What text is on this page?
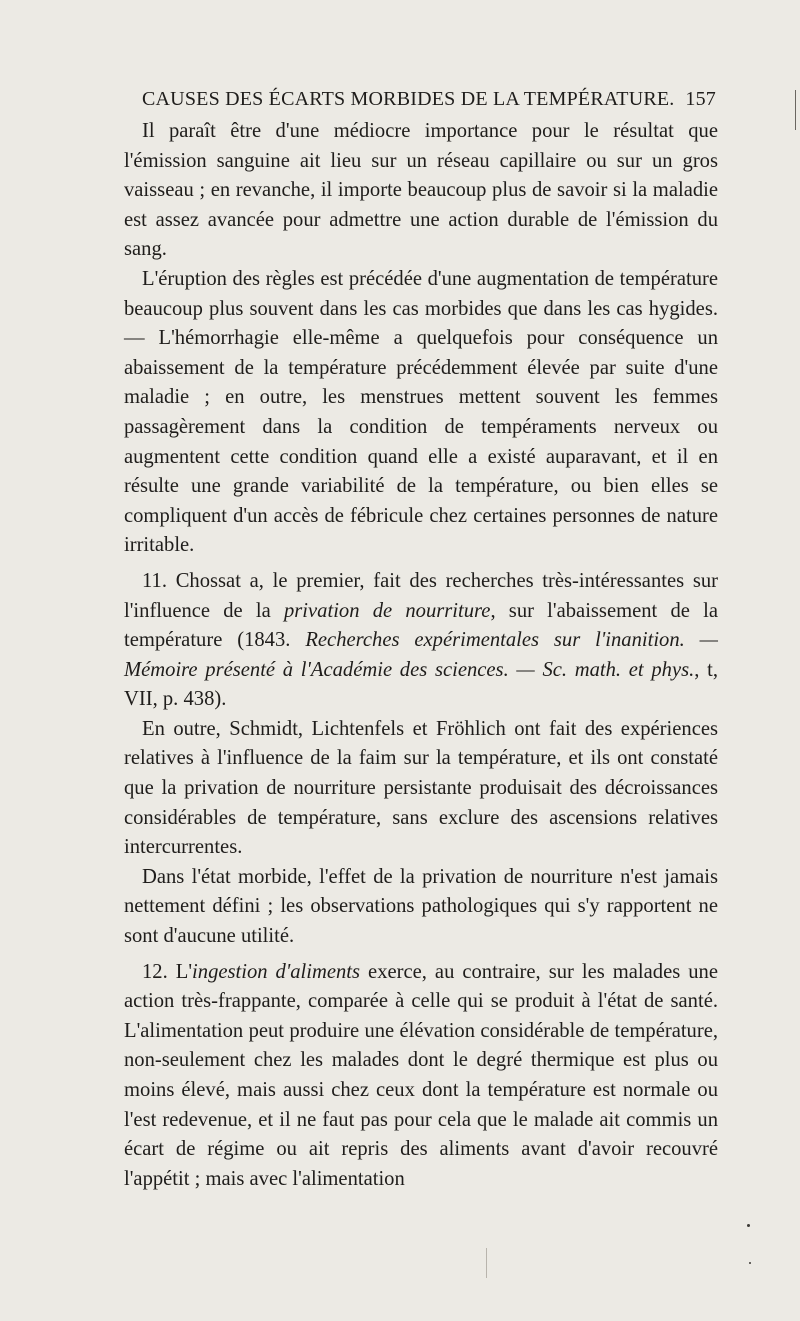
CAUSES DES ÉCARTS MORBIDES DE LA TEMPÉRATURE. 157

Il paraît être d'une médiocre importance pour le résultat que l'émission sanguine ait lieu sur un réseau capillaire ou sur un gros vaisseau ; en revanche, il importe beaucoup plus de savoir si la maladie est assez avancée pour admettre une action durable de l'émission du sang.

L'éruption des règles est précédée d'une augmentation de température beaucoup plus souvent dans les cas morbides que dans les cas hygides. — L'hémorrhagie elle-même a quelquefois pour conséquence un abaissement de la température précédemment élevée par suite d'une maladie ; en outre, les menstrues mettent souvent les femmes passagèrement dans la condition de tempéraments nerveux ou augmentent cette condition quand elle a existé auparavant, et il en résulte une grande variabilité de la température, ou bien elles se compliquent d'un accès de fébricule chez certaines personnes de nature irritable.

11. Chossat a, le premier, fait des recherches très-intéressantes sur l'influence de la privation de nourriture, sur l'abaissement de la température (1843. Recherches expérimentales sur l'inanition. — Mémoire présenté à l'Académie des sciences. — Sc. math. et phys., t, VII, p. 438).

En outre, Schmidt, Lichtenfels et Fröhlich ont fait des expériences relatives à l'influence de la faim sur la température, et ils ont constaté que la privation de nourriture persistante produisait des décroissances considérables de température, sans exclure des ascensions relatives intercurrentes.

Dans l'état morbide, l'effet de la privation de nourriture n'est jamais nettement défini ; les observations pathologiques qui s'y rapportent ne sont d'aucune utilité.

12. L'ingestion d'aliments exerce, au contraire, sur les malades une action très-frappante, comparée à celle qui se produit à l'état de santé. L'alimentation peut produire une élévation considérable de température, non-seulement chez les malades dont le degré thermique est plus ou moins élevé, mais aussi chez ceux dont la température est normale ou l'est redevenue, et il ne faut pas pour cela que le malade ait commis un écart de régime ou ait repris des aliments avant d'avoir recouvré l'appétit ; mais avec l'alimentation
